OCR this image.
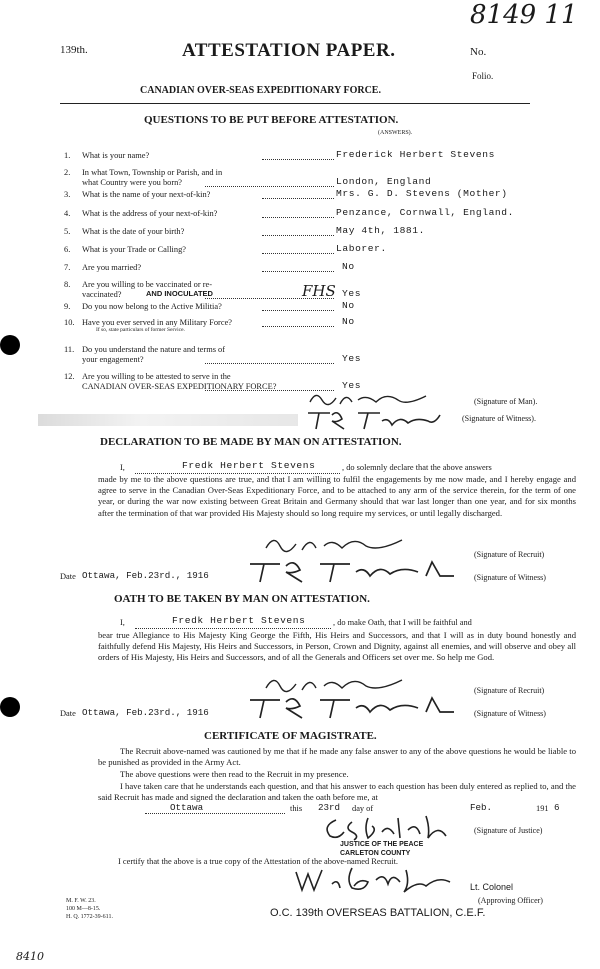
8149 11
139th.	ATTESTATION PAPER.	No.
Folio.
CANADIAN OVER-SEAS EXPEDITIONARY FORCE.
QUESTIONS TO BE PUT BEFORE ATTESTATION.
(ANSWERS).
1. What is your name?	Frederick Herbert Stevens
2. In what Town, Township or Parish, and in
what Country were you born?	London, England
3. What is the name of your next-of-kin?	Mrs. G. D. Stevens (Mother)
4. What is the address of your next-of-kin?	Penzance, Cornwall, England.
5. What is the date of your birth?	May 4th, 1881.
6. What is your Trade or Calling?	Laborer.
7. Are you married?	No
8. Are you willing to be vaccinated or re-
vaccinated?	AND INOCULATED	Yes
9. Do you now belong to the Active Militia?	No
10. Have you ever served in any Military Force?
If so, state particulars of former Service.
No
11. Do you understand the nature and terms of
your engagement?	Yes
12. Are you willing to be attested to serve in the
CANADIAN OVER-SEAS EXPEDITIONARY FORCE?	Yes
FHS
(Signature of Man).
(Signature of Witness).
DECLARATION TO BE MADE BY MAN ON ATTESTATION.
I,	Fredk Herbert Stevens	, do solemnly declare that the above answers
made by me to the above questions are true, and that I am willing to fulfil the engagements by me now made, and I hereby engage and agree to serve in the Canadian Over-Seas Expeditionary Force, and to be attached to any arm of the service therein, for the term of one year, or during the war now existing between Great Britain and Germany should that war last longer than one year, and for six months after the termination of that war provided His Majesty should so long require my services, or until legally discharged.
(Signature of Recruit)
Date Ottawa, Feb.23rd., 1916	(Signature of Witness)
OATH TO BE TAKEN BY MAN ON ATTESTATION.
I,	Fredk Herbert Stevens	, do make Oath, that I will be faithful and
bear true Allegiance to His Majesty King George the Fifth, His Heirs and Successors, and that I will as in duty bound honestly and faithfully defend His Majesty, His Heirs and Successors, in Person, Crown and Dignity, against all enemies, and will observe and obey all orders of His Majesty, His Heirs and Successors, and of all the Generals and Officers set over me. So help me God.
(Signature of Recruit)
Date Ottawa, Feb.23rd., 1916	(Signature of Witness)
CERTIFICATE OF MAGISTRATE.
The Recruit above-named was cautioned by me that if he made any false answer to any of the above questions he would be liable to be punished as provided in the Army Act.
The above questions were then read to the Recruit in my presence.
I have taken care that he understands each question, and that his answer to each question has been duly entered as replied to, and the said Recruit has made and signed the declaration and taken the oath before me, at
Ottawa	this 23rd day of	Feb.	191 6
(Signature of Justice)
JUSTICE OF THE PEACE
CARLETON COUNTY
I certify that the above is a true copy of the Attestation of the above-named Recruit.
Lt. Colonel
(Approving Officer)
O.C. 139th OVERSEAS BATTALION, C.E.F.
M. F. W. 23.
100 M—8-15.
H. Q. 1772-39-611.
8410
